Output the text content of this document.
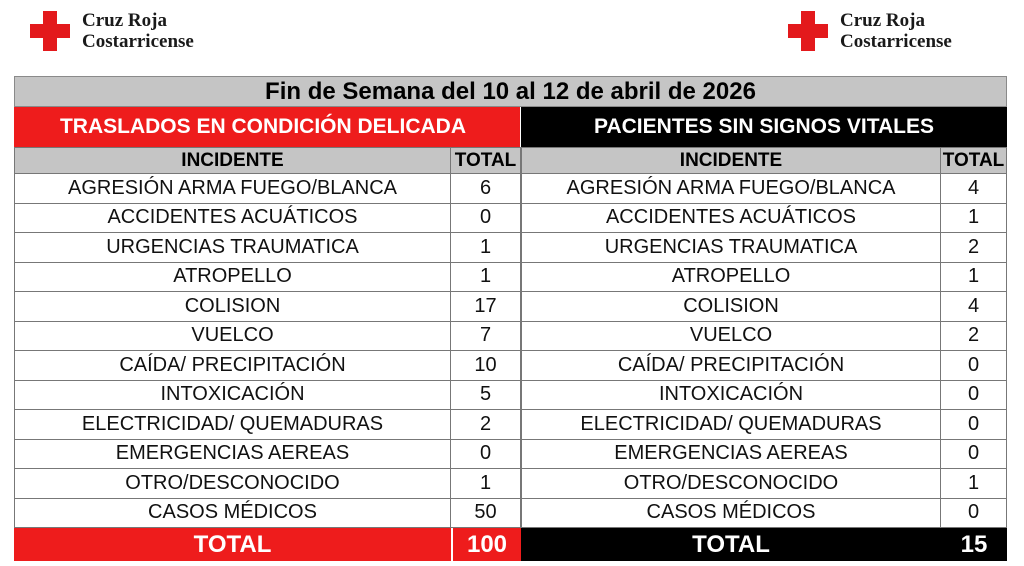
Cruz Roja
Costarricense
Cruz Roja
Costarricense
Fin de Semana del 10 al 12 de abril de 2026
TRASLADOS EN CONDICIÓN DELICADA
INCIDENTE	TOTAL
AGRESIÓN ARMA FUEGO/BLANCA	6
ACCIDENTES ACUÁTICOS	0
URGENCIAS TRAUMATICA	1
ATROPELLO	1
COLISION	17
VUELCO	7
CAÍDA/ PRECIPITACIÓN	10
INTOXICACIÓN	5
ELECTRICIDAD/ QUEMADURAS	2
EMERGENCIAS AEREAS	0
OTRO/DESCONOCIDO	1
CASOS MÉDICOS	50
TOTAL	100
PACIENTES SIN SIGNOS VITALES
INCIDENTE	TOTAL
AGRESIÓN ARMA FUEGO/BLANCA	4
ACCIDENTES ACUÁTICOS	1
URGENCIAS TRAUMATICA	2
ATROPELLO	1
COLISION	4
VUELCO	2
CAÍDA/ PRECIPITACIÓN	0
INTOXICACIÓN	0
ELECTRICIDAD/ QUEMADURAS	0
EMERGENCIAS AEREAS	0
OTRO/DESCONOCIDO	1
CASOS MÉDICOS	0
TOTAL	15
